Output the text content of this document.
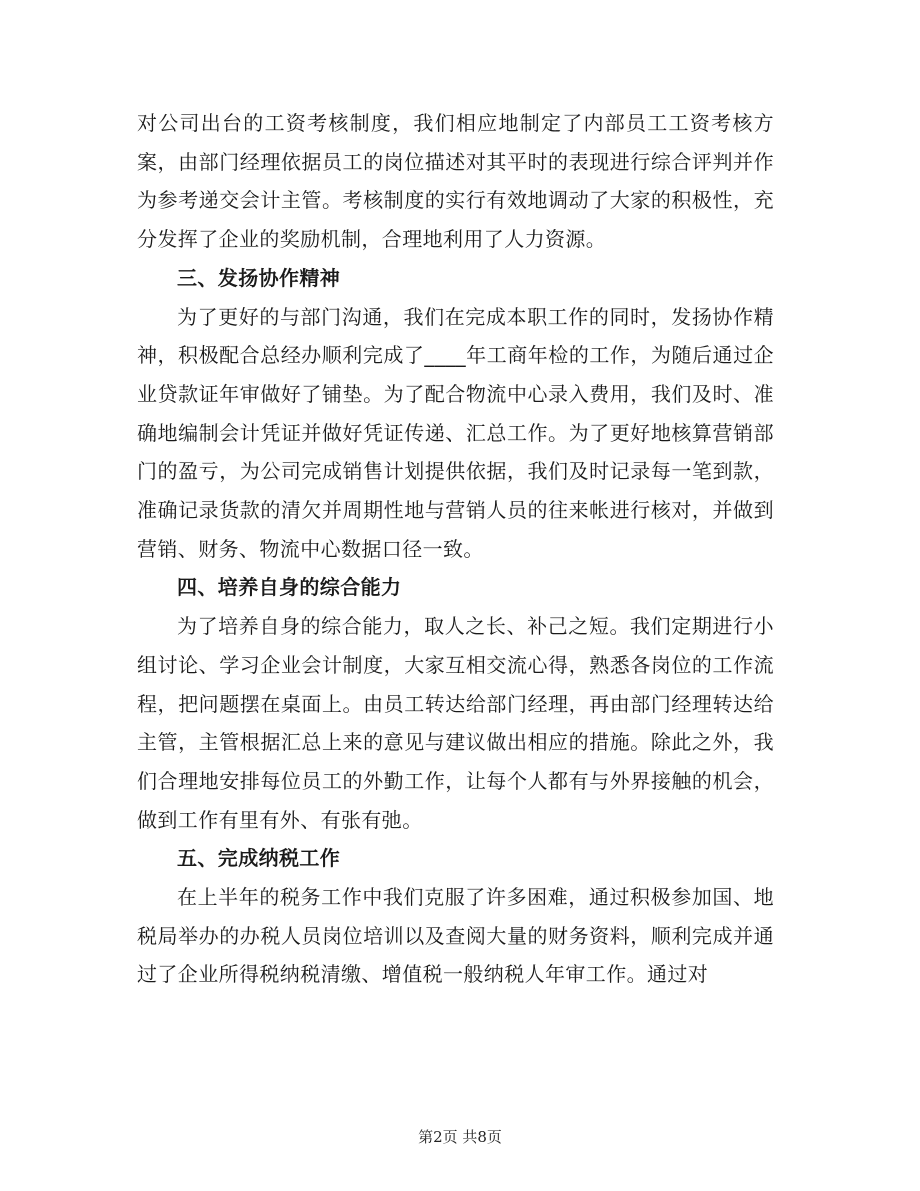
对公司出台的工资考核制度，我们相应地制定了内部员工工资考核方案，由部门经理依据员工的岗位描述对其平时的表现进行综合评判并作为参考递交会计主管。考核制度的实行有效地调动了大家的积极性，充分发挥了企业的奖励机制，合理地利用了人力资源。

三、发扬协作精神

为了更好的与部门沟通，我们在完成本职工作的同时，发扬协作精神，积极配合总经办顺利完成了____年工商年检的工作，为随后通过企业贷款证年审做好了铺垫。为了配合物流中心录入费用，我们及时、准确地编制会计凭证并做好凭证传递、汇总工作。为了更好地核算营销部门的盈亏，为公司完成销售计划提供依据，我们及时记录每一笔到款，准确记录货款的清欠并周期性地与营销人员的往来帐进行核对，并做到营销、财务、物流中心数据口径一致。

四、培养自身的综合能力

为了培养自身的综合能力，取人之长、补己之短。我们定期进行小组讨论、学习企业会计制度，大家互相交流心得，熟悉各岗位的工作流程，把问题摆在桌面上。由员工转达给部门经理，再由部门经理转达给主管，主管根据汇总上来的意见与建议做出相应的措施。除此之外，我们合理地安排每位员工的外勤工作，让每个人都有与外界接触的机会，做到工作有里有外、有张有弛。

五、完成纳税工作

在上半年的税务工作中我们克服了许多困难，通过积极参加国、地税局举办的办税人员岗位培训以及查阅大量的财务资料，顺利完成并通过了企业所得税纳税清缴、增值税一般纳税人年审工作。通过对

第2页 共8页
